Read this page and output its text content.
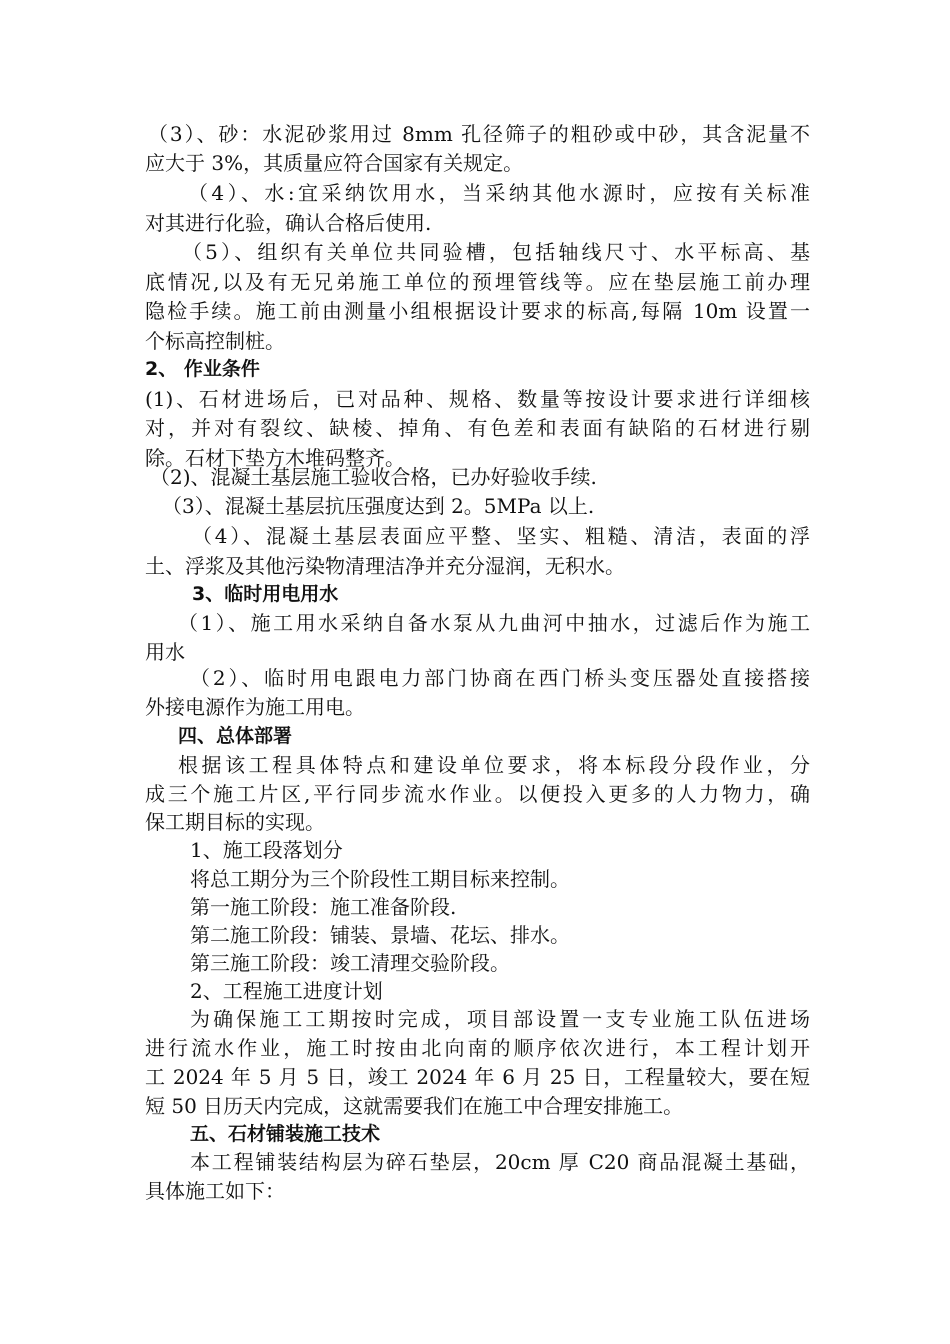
（3）、砂：水泥砂浆用过 8mm 孔径筛子的粗砂或中砂，其含泥量不
应大于 3%，其质量应符合国家有关规定。
（4）、水:宜采纳饮用水，当采纳其他水源时，应按有关标准
对其进行化验，确认合格后使用.
（5）、组织有关单位共同验槽，包括轴线尺寸、水平标高、基
底情况,以及有无兄弟施工单位的预埋管线等。应在垫层施工前办理
隐检手续。施工前由测量小组根据设计要求的标高,每隔 10m 设置一
个标高控制桩。
2、 作业条件
(1)、石材进场后，已对品种、规格、数量等按设计要求进行详细核
对，并对有裂纹、缺棱、掉角、有色差和表面有缺陷的石材进行剔
除。石材下垫方木堆码整齐。
（2)、混凝土基层施工验收合格，已办好验收手续.
（3）、混凝土基层抗压强度达到 2。5MPa 以上.
（4）、混凝土基层表面应平整、坚实、粗糙、清洁，表面的浮
土、浮浆及其他污染物清理洁净并充分湿润，无积水。
3、临时用电用水
（1）、施工用水采纳自备水泵从九曲河中抽水，过滤后作为施工
用水
（2）、临时用电跟电力部门协商在西门桥头变压器处直接搭接
外接电源作为施工用电。
四、总体部署
根据该工程具体特点和建设单位要求，将本标段分段作业，分
成三个施工片区,平行同步流水作业。以便投入更多的人力物力，确
保工期目标的实现。
1、施工段落划分
将总工期分为三个阶段性工期目标来控制。
第一施工阶段：施工准备阶段.
第二施工阶段：铺装、景墙、花坛、排水。
第三施工阶段：竣工清理交验阶段。
2、工程施工进度计划
为确保施工工期按时完成，项目部设置一支专业施工队伍进场
进行流水作业，施工时按由北向南的顺序依次进行，本工程计划开
工 2024 年 5 月 5 日，竣工 2024 年 6 月 25 日，工程量较大，要在短
短 50 日历天内完成，这就需要我们在施工中合理安排施工。
五、石材铺装施工技术
本工程铺装结构层为碎石垫层，20cm 厚 C20 商品混凝土基础，
具体施工如下：
